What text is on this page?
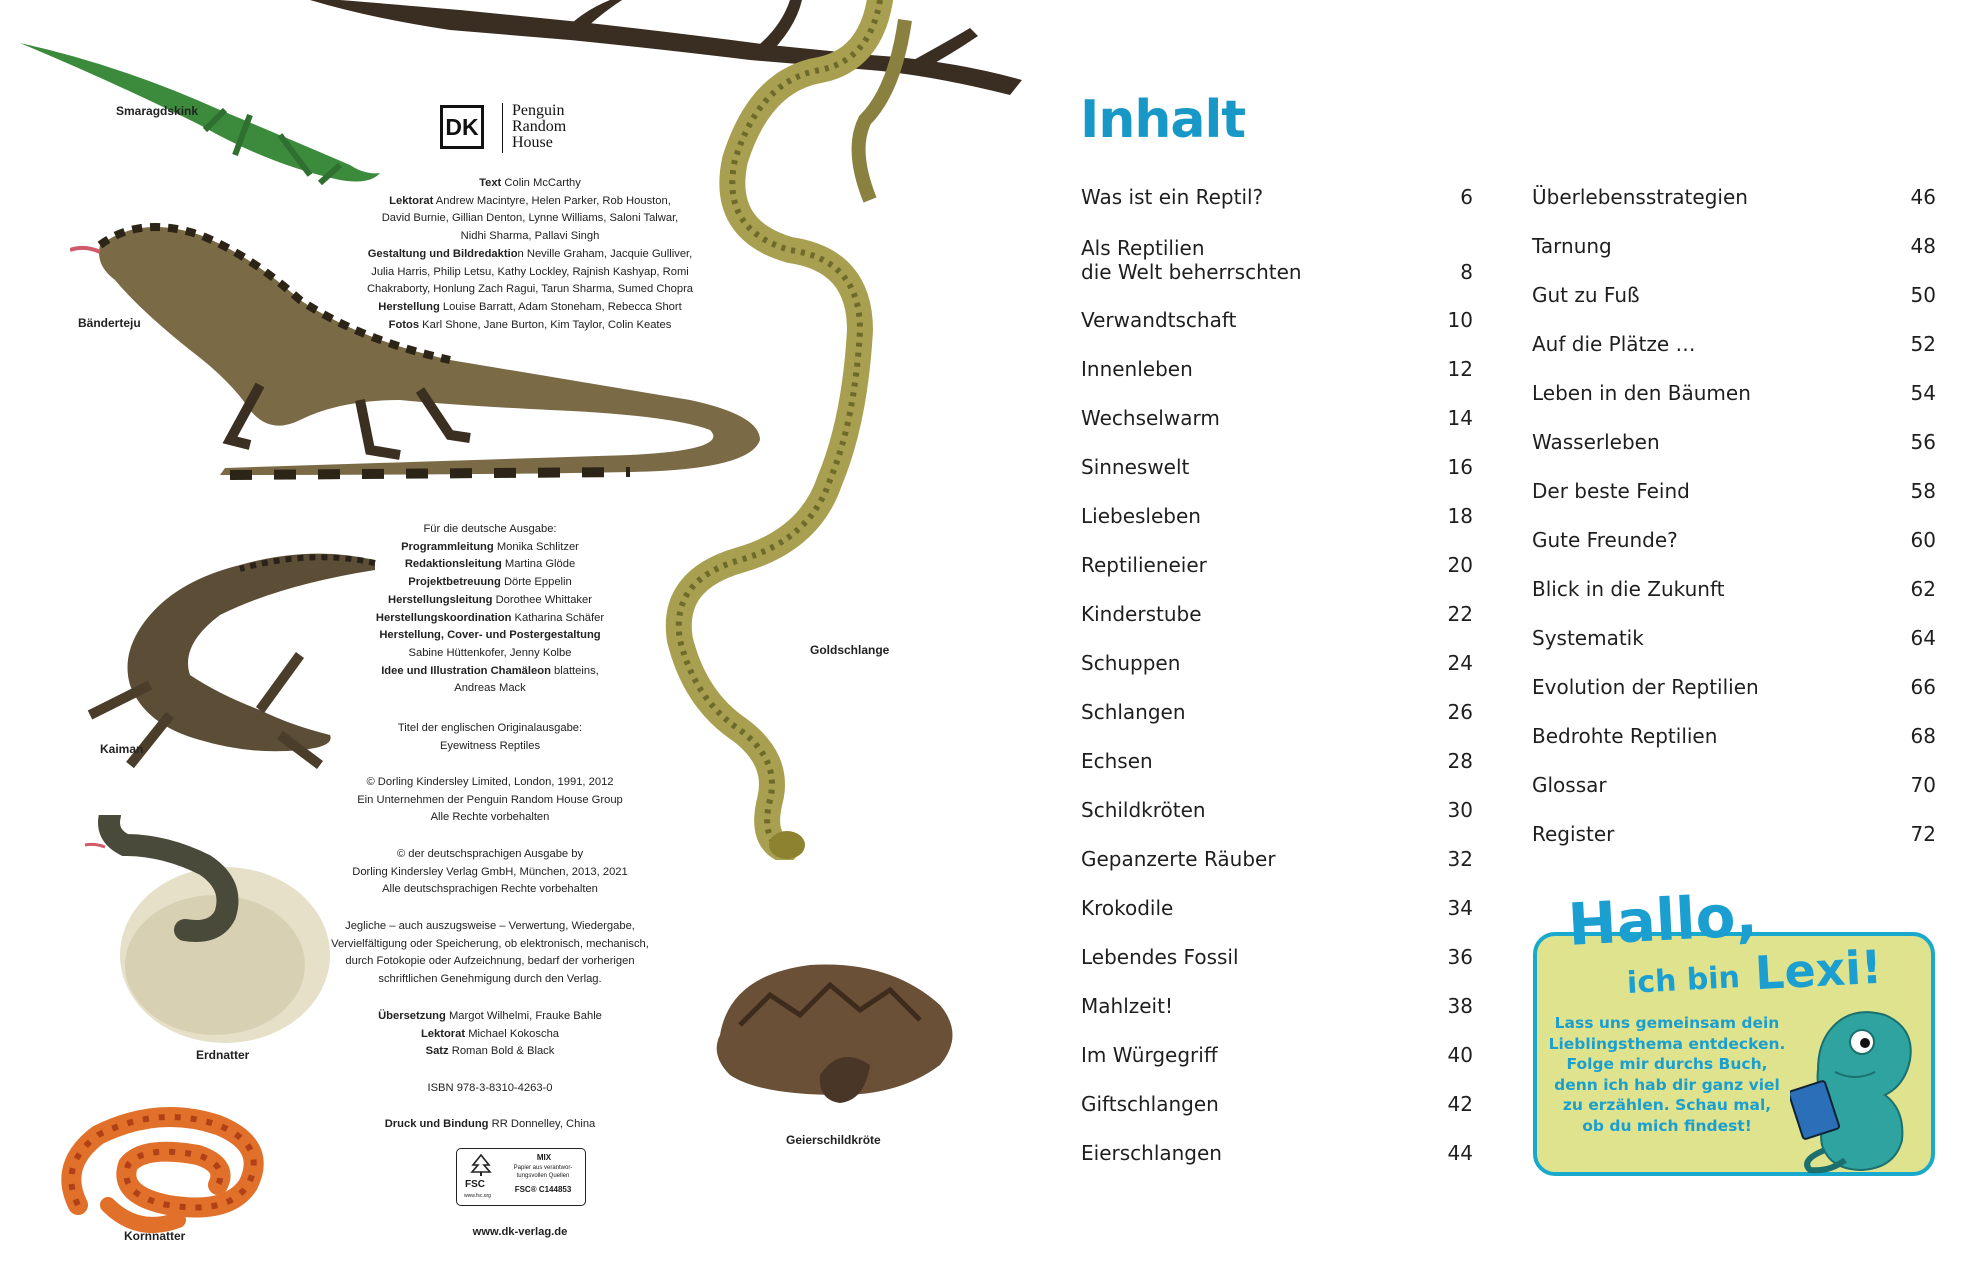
Smaragdskink
Bänderteju
Kaiman
Erdnatter
Kornnatter
Goldschlange
Geierschildkröte
DK
Penguin
Random
House
Text Colin McCarthy
Lektorat Andrew Macintyre, Helen Parker, Rob Houston,
David Burnie, Gillian Denton, Lynne Williams, Saloni Talwar,
Nidhi Sharma, Pallavi Singh
Gestaltung und Bildredaktion Neville Graham, Jacquie Gulliver,
Julia Harris, Philip Letsu, Kathy Lockley, Rajnish Kashyap, Romi
Chakraborty, Honlung Zach Ragui, Tarun Sharma, Sumed Chopra
Herstellung Louise Barratt, Adam Stoneham, Rebecca Short
Fotos Karl Shone, Jane Burton, Kim Taylor, Colin Keates
Für die deutsche Ausgabe:
Programmleitung Monika Schlitzer
Redaktionsleitung Martina Glöde
Projektbetreuung Dörte Eppelin
Herstellungsleitung Dorothee Whittaker
Herstellungskoordination Katharina Schäfer
Herstellung, Cover- und Postergestaltung
Sabine Hüttenkofer, Jenny Kolbe
Idee und Illustration Chamäleon blatteins,
Andreas Mack
Titel der englischen Originalausgabe:
Eyewitness Reptiles
© Dorling Kindersley Limited, London, 1991, 2012
Ein Unternehmen der Penguin Random House Group
Alle Rechte vorbehalten
© der deutschsprachigen Ausgabe by
Dorling Kindersley Verlag GmbH, München, 2013, 2021
Alle deutschsprachigen Rechte vorbehalten
Jegliche – auch auszugsweise – Verwertung, Wiedergabe,
Vervielfältigung oder Speicherung, ob elektronisch, mechanisch,
durch Fotokopie oder Aufzeichnung, bedarf der vorherigen
schriftlichen Genehmigung durch den Verlag.
Übersetzung Margot Wilhelmi, Frauke Bahle
Lektorat Michael Kokoscha
Satz Roman Bold & Black
ISBN 978-3-8310-4263-0
Druck und Bindung RR Donnelley, China
FSC
www.fsc.org
MIX
Papier aus verantwor-
tungsvollen Quellen
FSC® C144853
www.dk-verlag.de
Inhalt
Was ist ein Reptil?	6
Als Reptilien
die Welt beherrschten	8
Verwandtschaft	10
Innenleben	12
Wechselwarm	14
Sinneswelt	16
Liebesleben	18
Reptilieneier	20
Kinderstube	22
Schuppen	24
Schlangen	26
Echsen	28
Schildkröten	30
Gepanzerte Räuber	32
Krokodile	34
Lebendes Fossil	36
Mahlzeit!	38
Im Würgegriff	40
Giftschlangen	42
Eierschlangen	44
Überlebensstrategien	46
Tarnung	48
Gut zu Fuß	50
Auf die Plätze …	52
Leben in den Bäumen	54
Wasserleben	56
Der beste Feind	58
Gute Freunde?	60
Blick in die Zukunft	62
Systematik	64
Evolution der Reptilien	66
Bedrohte Reptilien	68
Glossar	70
Register	72
Hallo,
ich bin Lexi!
Lass uns gemeinsam dein
Lieblingsthema entdecken.
Folge mir durchs Buch,
denn ich hab dir ganz viel
zu erzählen. Schau mal,
ob du mich findest!
